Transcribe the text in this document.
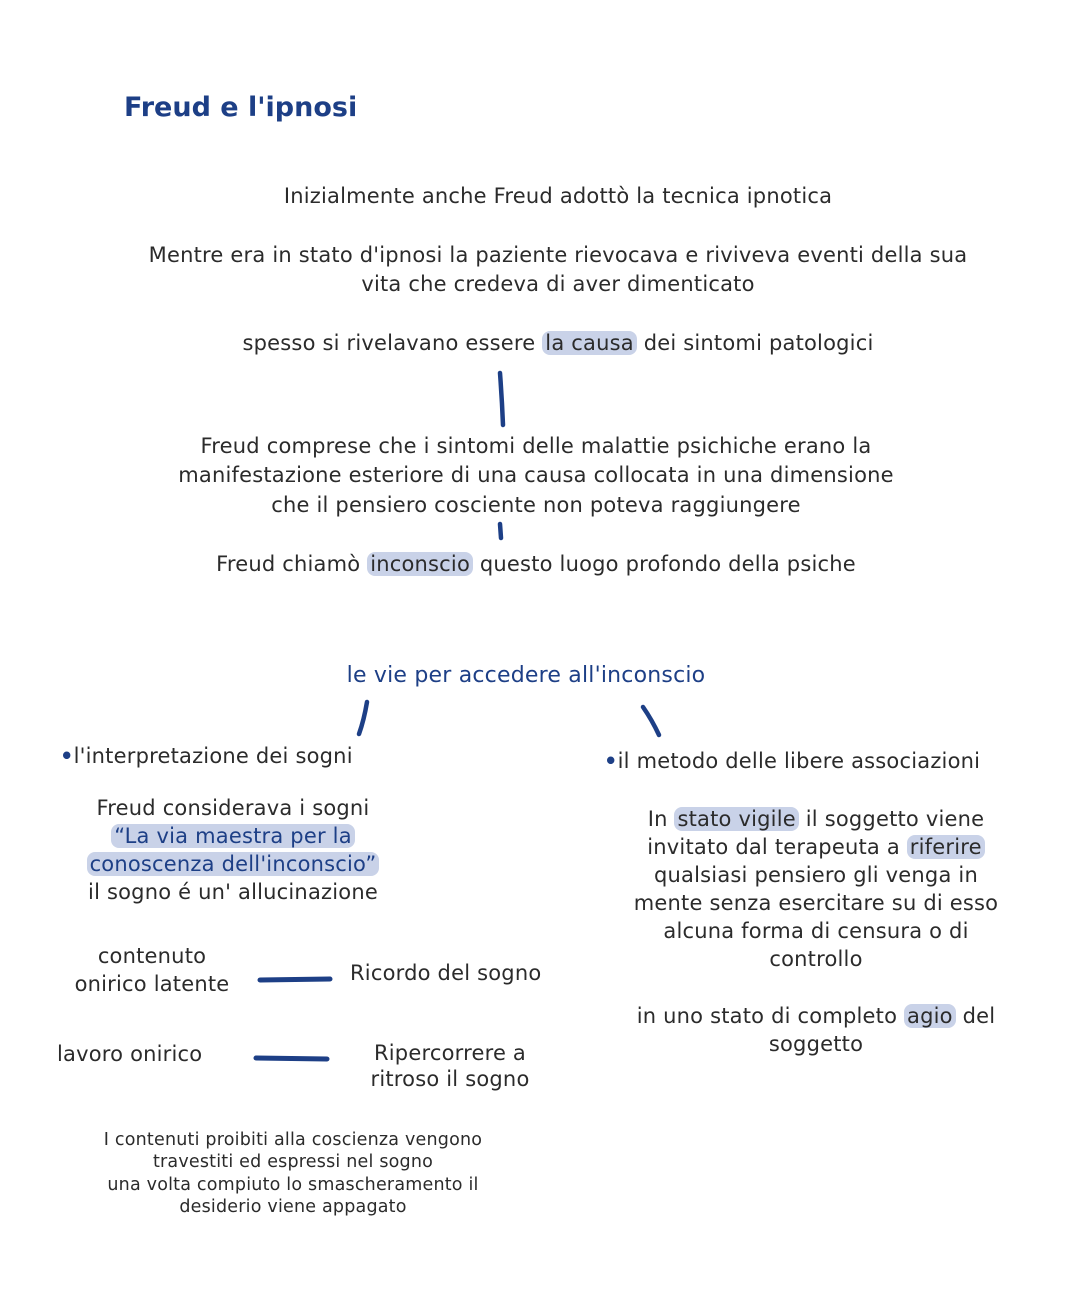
Freud e l'ipnosi
Inizialmente anche Freud adottò la tecnica ipnotica
Mentre era in stato d'ipnosi la paziente rievocava e riviveva eventi della sua
vita che credeva di aver dimenticato
spesso si rivelavano essere la causa dei sintomi patologici
Freud comprese che i sintomi delle malattie psichiche erano la
manifestazione esteriore di una causa collocata in una dimensione
che il pensiero cosciente non poteva raggiungere
Freud chiamò inconscio questo luogo profondo della psiche
le vie per accedere all'inconscio
•l'interpretazione dei sogni
Freud considerava i sogni
“La via maestra per la
conoscenza dell'inconscio”
il sogno é un' allucinazione
contenuto
onirico latente	Ricordo del sogno
lavoro onirico	Ripercorrere a
ritroso il sogno
I contenuti proibiti alla coscienza vengono
travestiti ed espressi nel sogno
una volta compiuto lo smascheramento il
desiderio viene appagato
•il metodo delle libere associazioni
In stato vigile il soggetto viene
invitato dal terapeuta a riferire
qualsiasi pensiero gli venga in
mente senza esercitare su di esso
alcuna forma di censura o di
controllo
in uno stato di completo agio del
soggetto
